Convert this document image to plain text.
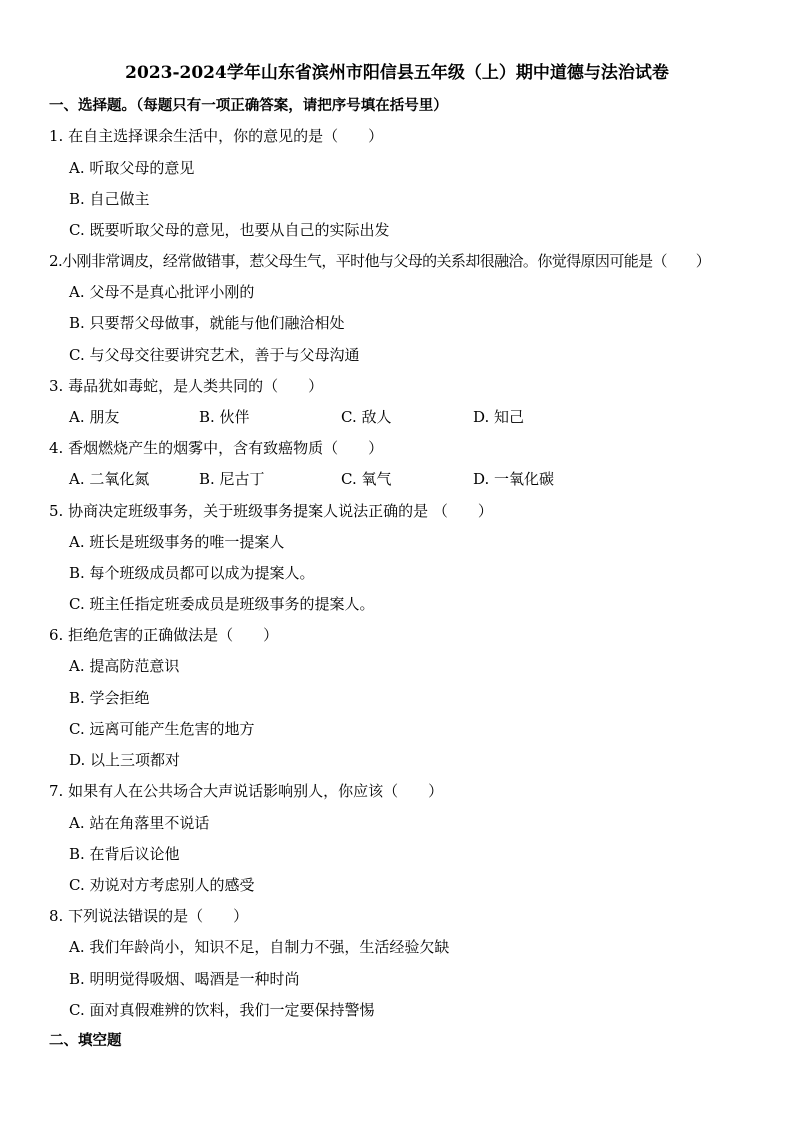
2023-2024学年山东省滨州市阳信县五年级（上）期中道德与法治试卷
一、选择题。（每题只有一项正确答案，请把序号填在括号里）
1. 在自主选择课余生活中，你的意见的是（　　）
A. 听取父母的意见
B. 自己做主
C. 既要听取父母的意见，也要从自己的实际出发
2.小刚非常调皮，经常做错事，惹父母生气，平时他与父母的关系却很融洽。你觉得原因可能是（　　）
A. 父母不是真心批评小刚的
B. 只要帮父母做事，就能与他们融洽相处
C. 与父母交往要讲究艺术，善于与父母沟通
3. 毒品犹如毒蛇，是人类共同的（　　）
A. 朋友	B. 伙伴	C. 敌人	D. 知己
4. 香烟燃烧产生的烟雾中，含有致癌物质（　　）
A. 二氧化氮	B. 尼古丁	C. 氧气	D. 一氧化碳
5. 协商决定班级事务，关于班级事务提案人说法正确的是 （　　）
A. 班长是班级事务的唯一提案人
B. 每个班级成员都可以成为提案人。
C. 班主任指定班委成员是班级事务的提案人。
6. 拒绝危害的正确做法是（　　）
A. 提高防范意识
B. 学会拒绝
C. 远离可能产生危害的地方
D. 以上三项都对
7. 如果有人在公共场合大声说话影响别人，你应该（　　）
A. 站在角落里不说话
B. 在背后议论他
C. 劝说对方考虑别人的感受
8. 下列说法错误的是（　　）
A. 我们年龄尚小，知识不足，自制力不强，生活经验欠缺
B. 明明觉得吸烟、喝酒是一种时尚
C. 面对真假难辨的饮料，我们一定要保持警惕
二、填空题
